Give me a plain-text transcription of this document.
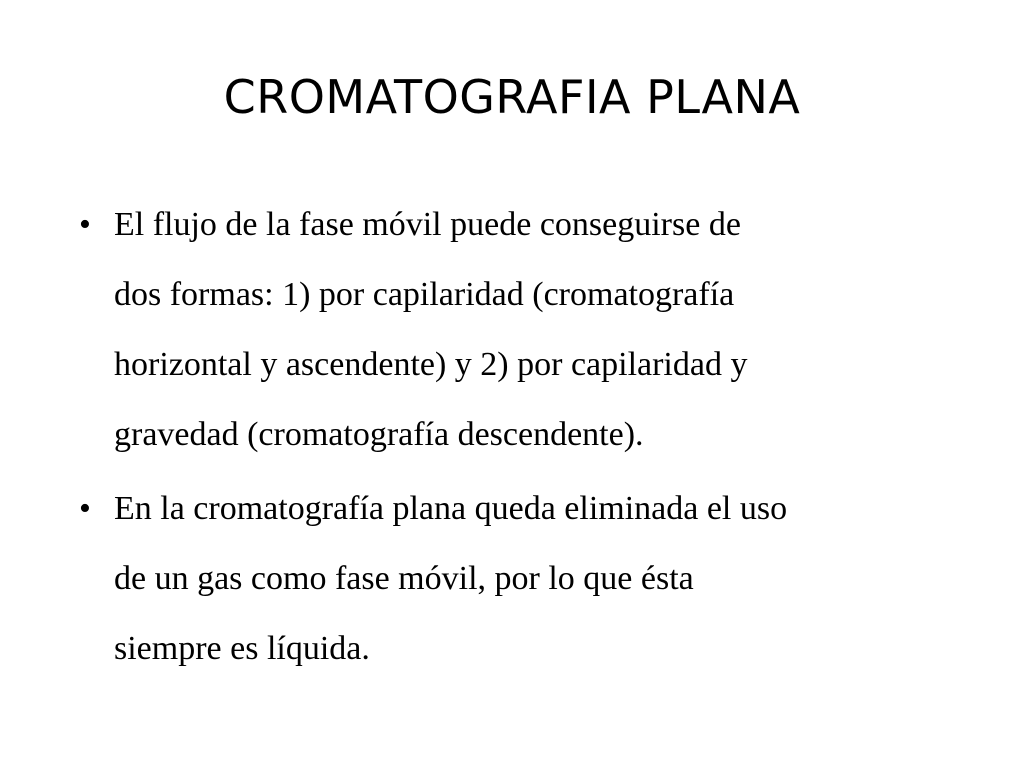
CROMATOGRAFIA PLANA
• El flujo de la fase móvil puede conseguirse de
dos formas: 1) por capilaridad (cromatografía
horizontal y ascendente) y 2) por capilaridad y
gravedad (cromatografía descendente).
• En la cromatografía plana queda eliminada el uso
de un gas como fase móvil, por lo que ésta
siempre es líquida.
